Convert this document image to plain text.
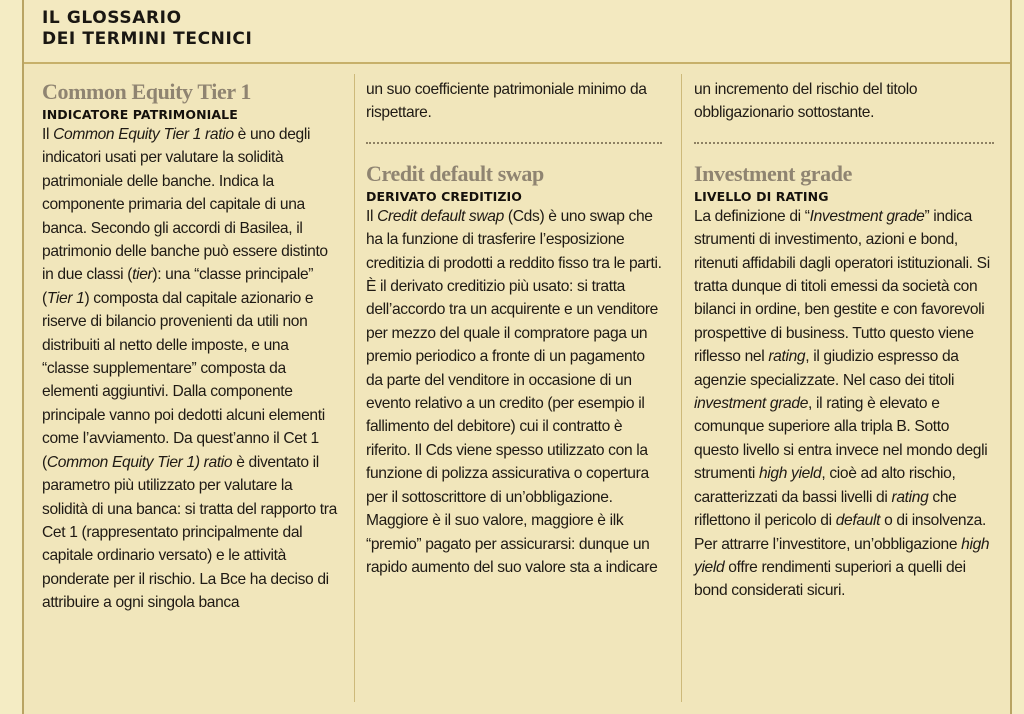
IL GLOSSARIO
DEI TERMINI TECNICI
Common Equity Tier 1
INDICATORE PATRIMONIALE

Il Common Equity Tier 1 ratio è uno degli indicatori usati per valutare la solidità patrimoniale delle banche. Indica la componente primaria del capitale di una banca. Secondo gli accordi di Basilea, il patrimonio delle banche può essere distinto in due classi (tier): una “classe principale” (Tier 1) composta dal capitale azionario e riserve di bilancio provenienti da utili non distribuiti al netto delle imposte, e una “classe supplementare” composta da elementi aggiuntivi. Dalla componente principale vanno poi dedotti alcuni elementi come l’avviamento. Da quest’anno il Cet 1 (Common Equity Tier 1) ratio è diventato il parametro più utilizzato per valutare la solidità di una banca: si tratta del rapporto tra Cet 1 (rappresentato principalmente dal capitale ordinario versato) e le attività ponderate per il rischio. La Bce ha deciso di attribuire a ogni singola banca

un suo coefficiente patrimoniale minimo da rispettare.

Credit default swap
DERIVATO CREDITIZIO

Il Credit default swap (Cds) è uno swap che ha la funzione di trasferire l’esposizione creditizia di prodotti a reddito fisso tra le parti. È il derivato creditizio più usato: si tratta dell’accordo tra un acquirente e un venditore per mezzo del quale il compratore paga un premio periodico a fronte di un pagamento da parte del venditore in occasione di un evento relativo a un credito (per esempio il fallimento del debitore) cui il contratto è riferito. Il Cds viene spesso utilizzato con la funzione di polizza assicurativa o copertura per il sottoscrittore di un’obbligazione. Maggiore è il suo valore, maggiore è ilk “premio” pagato per assicurarsi: dunque un rapido aumento del suo valore sta a indicare

un incremento del rischio del titolo obbligazionario sottostante.

Investment grade
LIVELLO DI RATING

La definizione di “Investment grade” indica strumenti di investimento, azioni e bond, ritenuti affidabili dagli operatori istituzionali. Si tratta dunque di titoli emessi da società con bilanci in ordine, ben gestite e con favorevoli prospettive di business. Tutto questo viene riflesso nel rating, il giudizio espresso da agenzie specializzate. Nel caso dei titoli investment grade, il rating è elevato e comunque superiore alla tripla B. Sotto questo livello si entra invece nel mondo degli strumenti high yield, cioè ad alto rischio, caratterizzati da bassi livelli di rating che riflettono il pericolo di default o di insolvenza. Per attrarre l’investitore, un’obbligazione high yield offre rendimenti superiori a quelli dei bond considerati sicuri.
